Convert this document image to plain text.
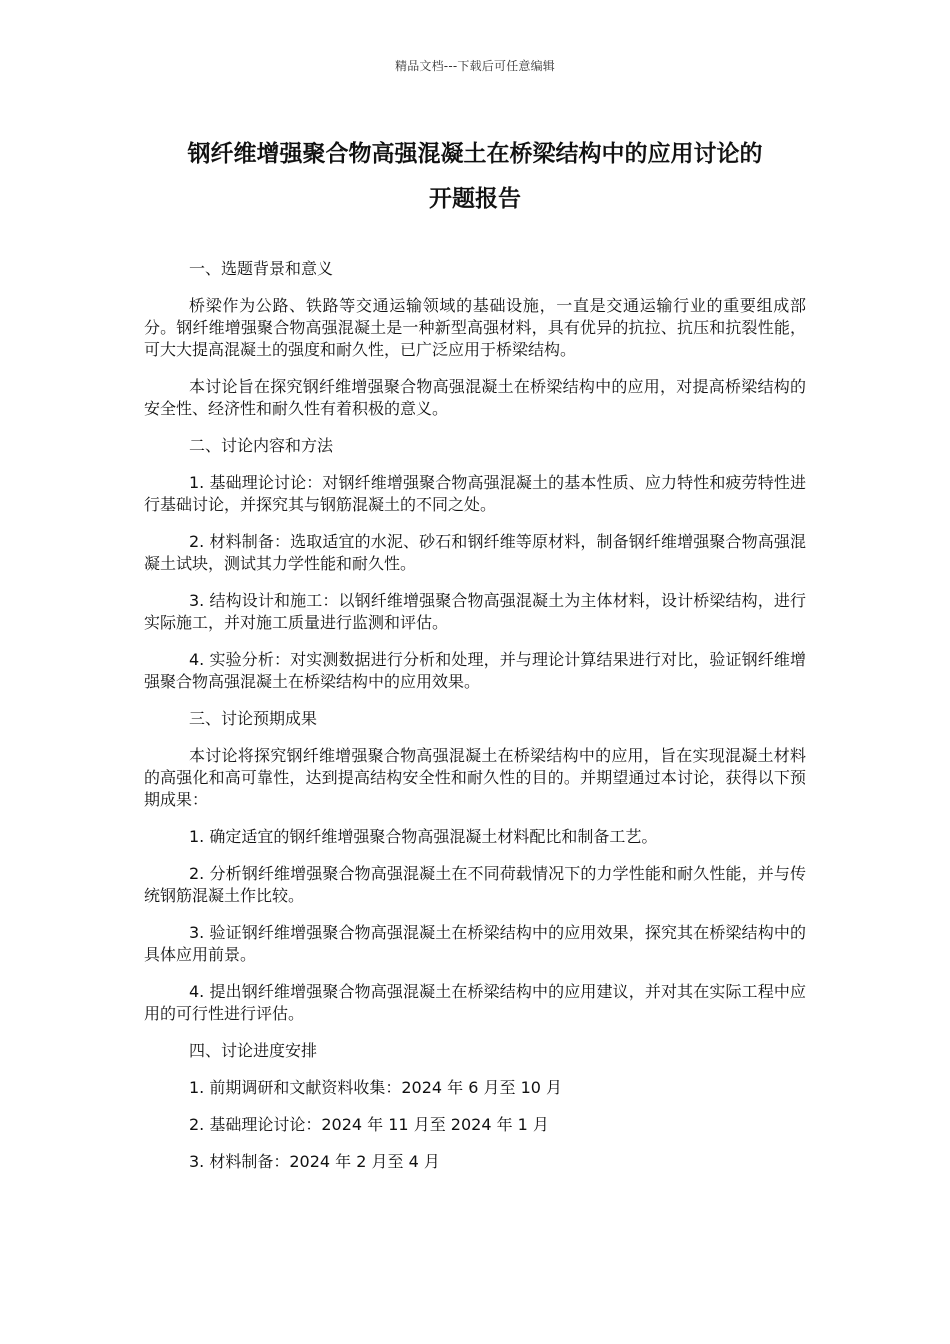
精品文档---下载后可任意编辑
钢纤维增强聚合物高强混凝土在桥梁结构中的应用讨论的
开题报告

一、选题背景和意义

桥梁作为公路、铁路等交通运输领域的基础设施，一直是交通运输行业的重要组成部分。钢纤维增强聚合物高强混凝土是一种新型高强材料，具有优异的抗拉、抗压和抗裂性能，可大大提高混凝土的强度和耐久性，已广泛应用于桥梁结构。

本讨论旨在探究钢纤维增强聚合物高强混凝土在桥梁结构中的应用，对提高桥梁结构的安全性、经济性和耐久性有着积极的意义。

二、讨论内容和方法

1. 基础理论讨论：对钢纤维增强聚合物高强混凝土的基本性质、应力特性和疲劳特性进行基础讨论，并探究其与钢筋混凝土的不同之处。

2. 材料制备：选取适宜的水泥、砂石和钢纤维等原材料，制备钢纤维增强聚合物高强混凝土试块，测试其力学性能和耐久性。

3. 结构设计和施工：以钢纤维增强聚合物高强混凝土为主体材料，设计桥梁结构，进行实际施工，并对施工质量进行监测和评估。

4. 实验分析：对实测数据进行分析和处理，并与理论计算结果进行对比，验证钢纤维增强聚合物高强混凝土在桥梁结构中的应用效果。

三、讨论预期成果

本讨论将探究钢纤维增强聚合物高强混凝土在桥梁结构中的应用，旨在实现混凝土材料的高强化和高可靠性，达到提高结构安全性和耐久性的目的。并期望通过本讨论，获得以下预期成果：

1. 确定适宜的钢纤维增强聚合物高强混凝土材料配比和制备工艺。

2. 分析钢纤维增强聚合物高强混凝土在不同荷载情况下的力学性能和耐久性能，并与传统钢筋混凝土作比较。

3. 验证钢纤维增强聚合物高强混凝土在桥梁结构中的应用效果，探究其在桥梁结构中的具体应用前景。

4. 提出钢纤维增强聚合物高强混凝土在桥梁结构中的应用建议，并对其在实际工程中应用的可行性进行评估。

四、讨论进度安排

1. 前期调研和文献资料收集：2024 年 6 月至 10 月

2. 基础理论讨论：2024 年 11 月至 2024 年 1 月

3. 材料制备：2024 年 2 月至 4 月
